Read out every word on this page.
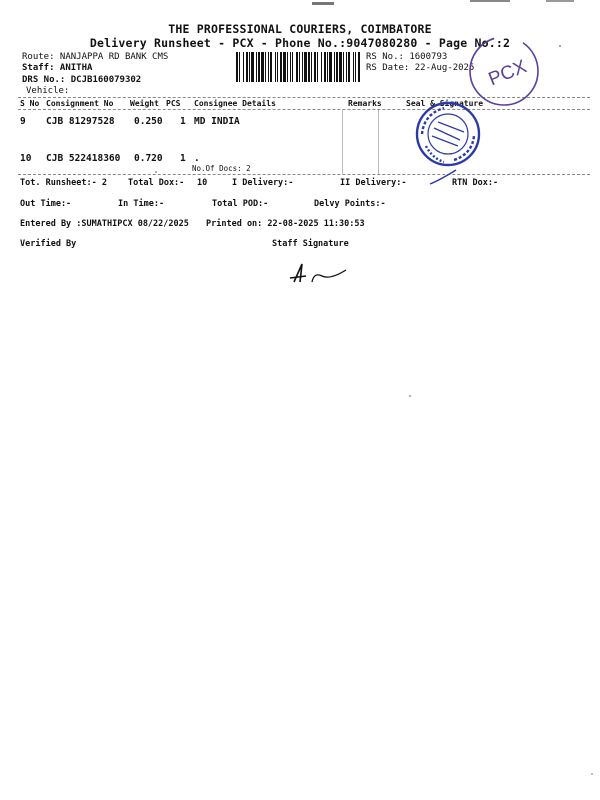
THE PROFESSIONAL COURIERS, COIMBATORE
Delivery Runsheet - PCX - Phone No.:9047080280 - Page No.:2
Route: NANJAPPA RD BANK CMS
Staff: ANITHA
DRS No.: DCJB160079302
Vehicle:
RS No.: 1600793
RS Date: 22-Aug-2025
S No Consignment No Weight PCS Consignee Details	Remarks	Seal & Signature
9 CJB 81297528 0.250 1 MD INDIA
10 CJB 522418360 0.720 1 .
No.Of Docs: 2
Tot. Runsheet:- 2 Total Dox:- 10	I Delivery:-	II Delivery:-	RTN Dox:-
Out Time:-	In Time:-	Total POD:-	Delvy Points:-
Entered By :SUMATHIPCX 08/22/2025 Printed on: 22-08-2025 11:30:53
Verified By	Staff Signature
PCX
